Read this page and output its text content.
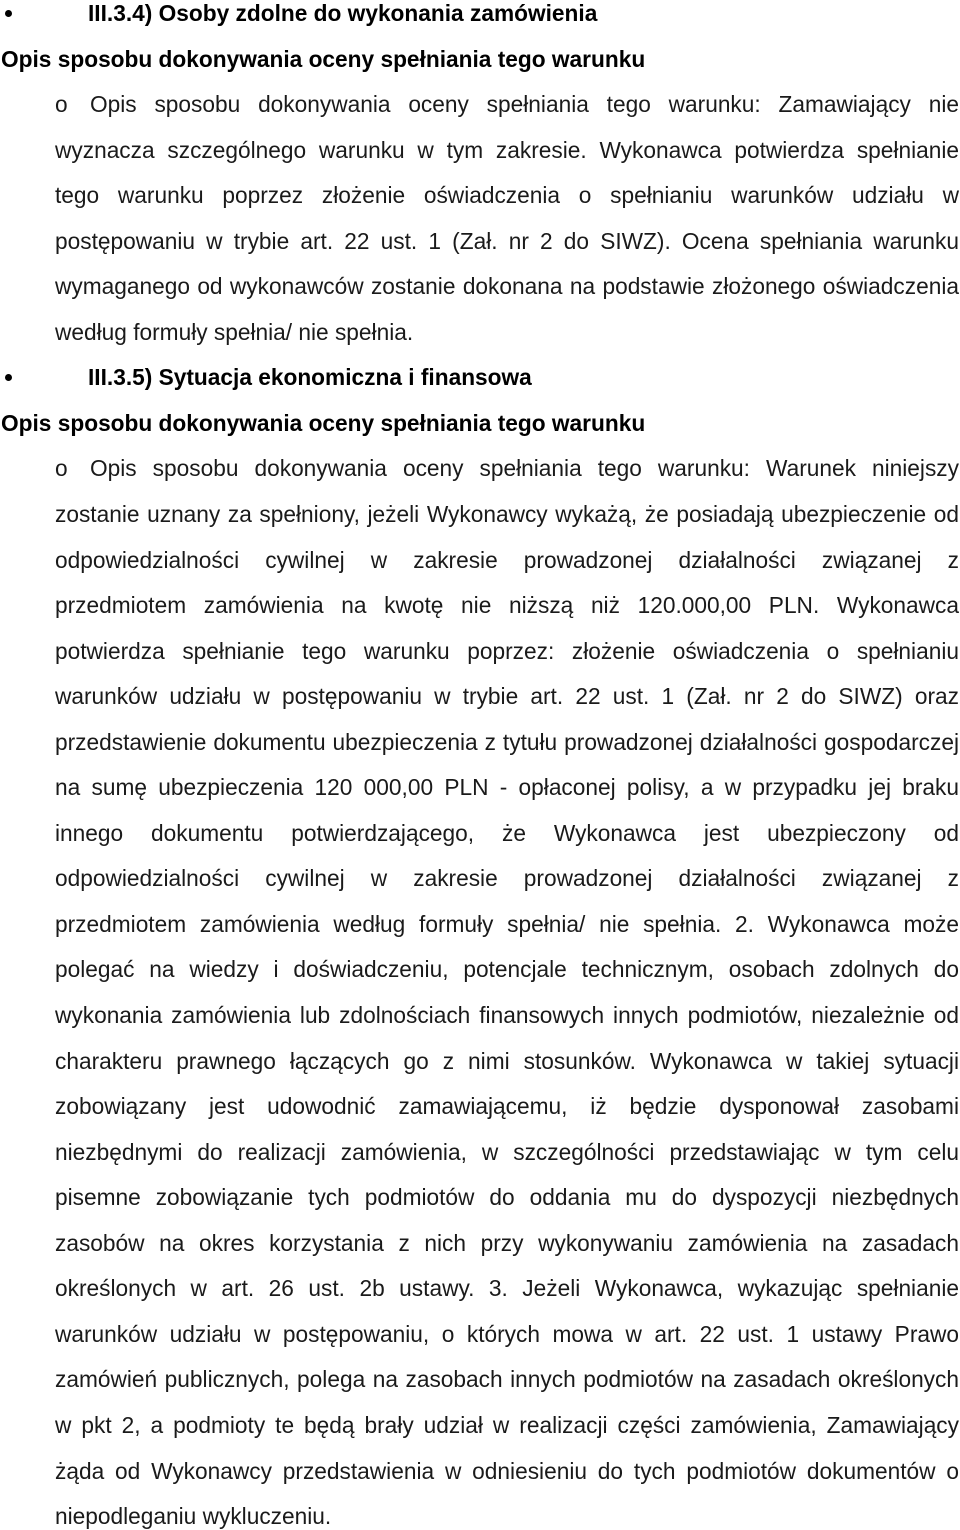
III.3.4) Osoby zdolne do wykonania zamówienia
Opis sposobu dokonywania oceny spełniania tego warunku
o Opis sposobu dokonywania oceny spełniania tego warunku: Zamawiający nie
wyznacza szczególnego warunku w tym zakresie. Wykonawca potwierdza spełnianie
tego warunku poprzez złożenie oświadczenia o spełnianiu warunków udziału w
postępowaniu w trybie art. 22 ust. 1 (Zał. nr 2 do SIWZ). Ocena spełniania warunku
wymaganego od wykonawców zostanie dokonana na podstawie złożonego oświadczenia
według formuły spełnia/ nie spełnia.
III.3.5) Sytuacja ekonomiczna i finansowa
Opis sposobu dokonywania oceny spełniania tego warunku
o Opis sposobu dokonywania oceny spełniania tego warunku: Warunek niniejszy
zostanie uznany za spełniony, jeżeli Wykonawcy wykażą, że posiadają ubezpieczenie od
odpowiedzialności cywilnej w zakresie prowadzonej działalności związanej z
przedmiotem zamówienia na kwotę nie niższą niż 120.000,00 PLN. Wykonawca
potwierdza spełnianie tego warunku poprzez: złożenie oświadczenia o spełnianiu
warunków udziału w postępowaniu w trybie art. 22 ust. 1 (Zał. nr 2 do SIWZ) oraz
przedstawienie dokumentu ubezpieczenia z tytułu prowadzonej działalności gospodarczej
na sumę ubezpieczenia 120 000,00 PLN - opłaconej polisy, a w przypadku jej braku
innego dokumentu potwierdzającego, że Wykonawca jest ubezpieczony od
odpowiedzialności cywilnej w zakresie prowadzonej działalności związanej z
przedmiotem zamówienia według formuły spełnia/ nie spełnia. 2. Wykonawca może
polegać na wiedzy i doświadczeniu, potencjale technicznym, osobach zdolnych do
wykonania zamówienia lub zdolnościach finansowych innych podmiotów, niezależnie od
charakteru prawnego łączących go z nimi stosunków. Wykonawca w takiej sytuacji
zobowiązany jest udowodnić zamawiającemu, iż będzie dysponował zasobami
niezbędnymi do realizacji zamówienia, w szczególności przedstawiając w tym celu
pisemne zobowiązanie tych podmiotów do oddania mu do dyspozycji niezbędnych
zasobów na okres korzystania z nich przy wykonywaniu zamówienia na zasadach
określonych w art. 26 ust. 2b ustawy. 3. Jeżeli Wykonawca, wykazując spełnianie
warunków udziału w postępowaniu, o których mowa w art. 22 ust. 1 ustawy Prawo
zamówień publicznych, polega na zasobach innych podmiotów na zasadach określonych
w pkt 2, a podmioty te będą brały udział w realizacji części zamówienia, Zamawiający
żąda od Wykonawcy przedstawienia w odniesieniu do tych podmiotów dokumentów o
niepodleganiu wykluczeniu.
